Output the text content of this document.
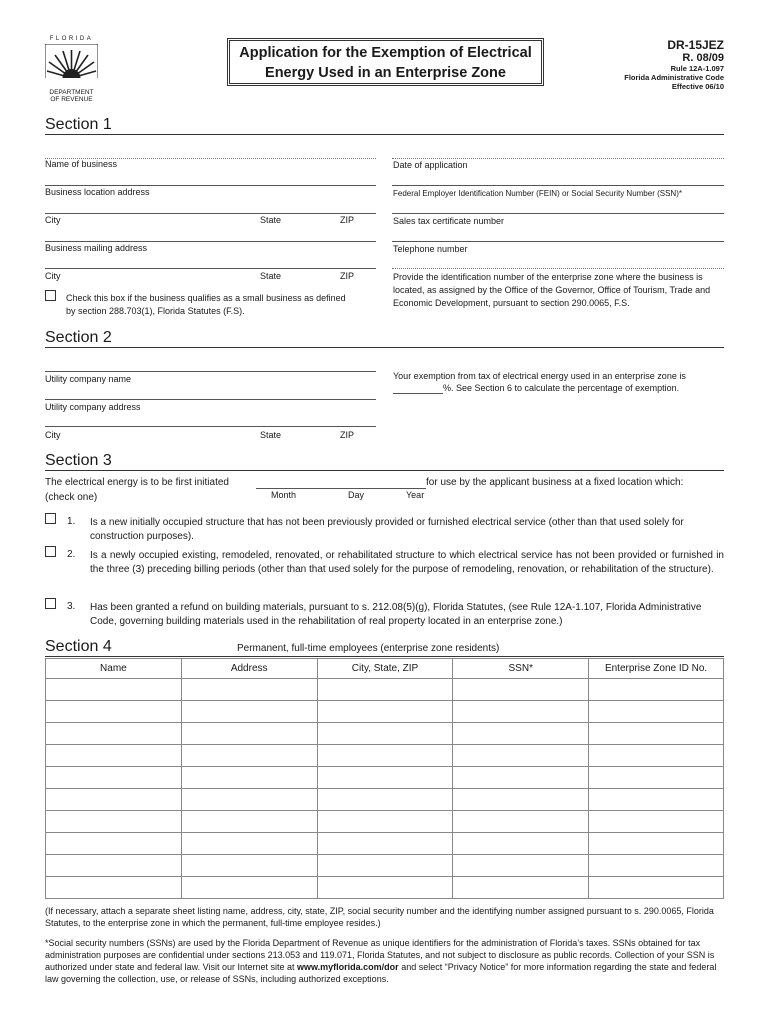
FLORIDA
DEPARTMENT
OF REVENUE
Application for the Exemption of Electrical
Energy Used in an Enterprise Zone
DR-15JEZ
R. 08/09
Rule 12A-1.097
Florida Administrative Code
Effective 06/10
Section 1
Name of business	Date of application
Business location address	Federal Employer Identification Number (FEIN) or Social Security Number (SSN)*
City	State	ZIP	Sales tax certificate number
Business mailing address	Telephone number
City	State	ZIP	Provide the identification number of the enterprise zone where the business is located, as assigned by the Office of the Governor, Office of Tourism, Trade and Economic Development, pursuant to section 290.0065, F.S.

Check this box if the business qualifies as a small business as defined by section 288.703(1), Florida Statutes (F.S).

Section 2
Utility company name	Your exemption from tax of electrical energy used in an enterprise zone is
%. See Section 6 to calculate the percentage of exemption.
Utility company address
City	State	ZIP
Section 3
The electrical energy is to be first initiated	for use by the applicant business at a fixed location which:
(check one)	Month	Day	Year
1. Is a new initially occupied structure that has not been previously provided or furnished electrical service (other than that used solely for construction purposes).

2. Is a newly occupied existing, remodeled, renovated, or rehabilitated structure to which electrical service has not been provided or furnished in the three (3) preceding billing periods (other than that used solely for the purpose of remodeling, renovation, or rehabilitation of the structure).

3. Has been granted a refund on building materials, pursuant to s. 212.08(5)(g), Florida Statutes, (see Rule 12A-1.107, Florida Administrative Code, governing building materials used in the rehabilitation of real property located in an enterprise zone.)

Section 4	Permanent, full-time employees (enterprise zone residents)
Name	Address	City, State, ZIP	SSN*	Enterprise Zone ID No.

(If necessary, attach a separate sheet listing name, address, city, state, ZIP, social security number and the identifying number assigned pursuant to s. 290.0065, Florida Statutes, to the enterprise zone in which the permanent, full-time employee resides.)

*Social security numbers (SSNs) are used by the Florida Department of Revenue as unique identifiers for the administration of Florida’s taxes. SSNs obtained for tax administration purposes are confidential under sections 213.053 and 119.071, Florida Statutes, and not subject to disclosure as public records. Collection of your SSN is authorized under state and federal law. Visit our Internet site at www.myflorida.com/dor and select “Privacy Notice” for more information regarding the state and federal law governing the collection, use, or release of SSNs, including authorized exceptions.
